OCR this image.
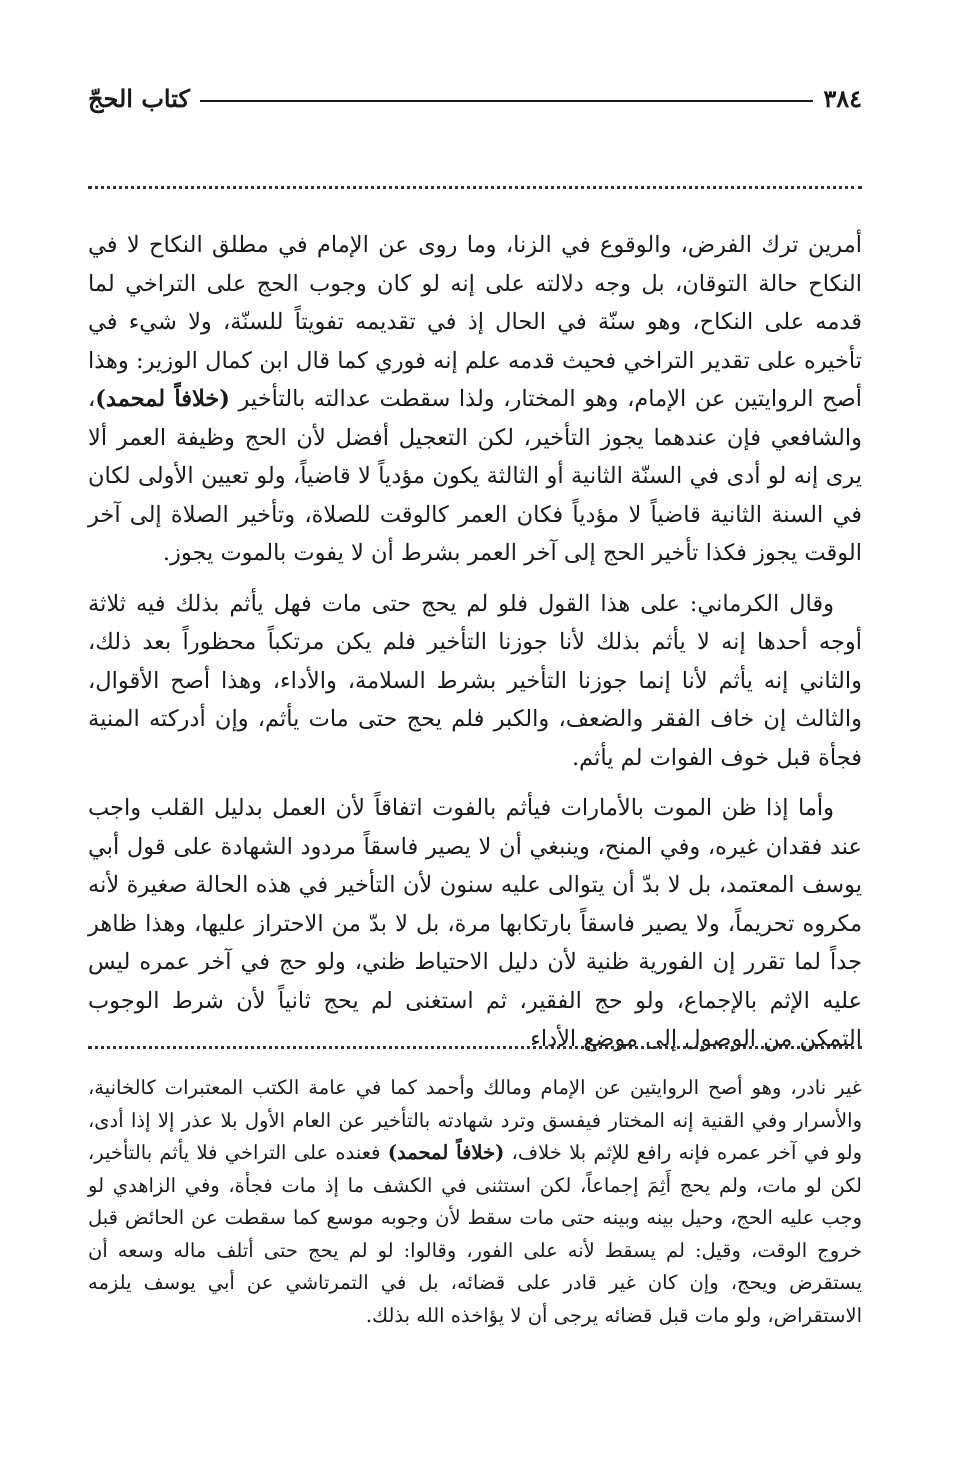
٣٨٤
كتاب الحجّ

أمرين ترك الفرض، والوقوع في الزنا، وما روى عن الإمام في مطلق النكاح لا في النكاح حالة التوقان، بل وجه دلالته على إنه لو كان وجوب الحج على التراخي لما قدمه على النكاح، وهو سنّة في الحال إذ في تقديمه تفويتاً للسنّة، ولا شيء في تأخيره على تقدير التراخي فحيث قدمه علم إنه فوري كما قال ابن كمال الوزير: وهذا أصح الروايتين عن الإمام، وهو المختار، ولذا سقطت عدالته بالتأخير (خلافاً لمحمد)، والشافعي فإن عندهما يجوز التأخير، لكن التعجيل أفضل لأن الحج وظيفة العمر ألا يرى إنه لو أدى في السنّة الثانية أو الثالثة يكون مؤدياً لا قاضياً، ولو تعيين الأولى لكان في السنة الثانية قاضياً لا مؤدياً فكان العمر كالوقت للصلاة، وتأخير الصلاة إلى آخر الوقت يجوز فكذا تأخير الحج إلى آخر العمر بشرط أن لا يفوت بالموت يجوز.

وقال الكرماني: على هذا القول فلو لم يحج حتى مات فهل يأثم بذلك فيه ثلاثة أوجه أحدها إنه لا يأثم بذلك لأنا جوزنا التأخير فلم يكن مرتكباً محظوراً بعد ذلك، والثاني إنه يأثم لأنا إنما جوزنا التأخير بشرط السلامة، والأداء، وهذا أصح الأقوال، والثالث إن خاف الفقر والضعف، والكبر فلم يحج حتى مات يأثم، وإن أدركته المنية فجأة قبل خوف الفوات لم يأثم.

وأما إذا ظن الموت بالأمارات فيأثم بالفوت اتفاقاً لأن العمل بدليل القلب واجب عند فقدان غيره، وفي المنح، وينبغي أن لا يصير فاسقاً مردود الشهادة على قول أبي يوسف المعتمد، بل لا بدّ أن يتوالى عليه سنون لأن التأخير في هذه الحالة صغيرة لأنه مكروه تحريماً، ولا يصير فاسقاً بارتكابها مرة، بل لا بدّ من الاحتراز عليها، وهذا ظاهر جداً لما تقرر إن الفورية ظنية لأن دليل الاحتياط ظني، ولو حج في آخر عمره ليس عليه الإثم بالإجماع، ولو حج الفقير، ثم استغنى لم يحج ثانياً لأن شرط الوجوب التمكن من الوصول إلى موضع الأداء

غير نادر، وهو أصح الروايتين عن الإمام ومالك وأحمد كما في عامة الكتب المعتبرات كالخانية، والأسرار وفي القنية إنه المختار فيفسق وترد شهادته بالتأخير عن العام الأول بلا عذر إلا إذا أدى، ولو في آخر عمره فإنه رافع للإثم بلا خلاف، (خلافاً لمحمد) فعنده على التراخي فلا يأثم بالتأخير، لكن لو مات، ولم يحج أَثِمَ إجماعاً، لكن استثنى في الكشف ما إذ مات فجأة، وفي الزاهدي لو وجب عليه الحج، وحيل بينه وبينه حتى مات سقط لأن وجوبه موسع كما سقطت عن الحائض قبل خروج الوقت، وقيل: لم يسقط لأنه على الفور، وقالوا: لو لم يحج حتى أتلف ماله وسعه أن يستقرض ويحج، وإن كان غير قادر على قضائه، بل في التمرتاشي عن أبي يوسف يلزمه الاستقراض، ولو مات قبل قضائه يرجى أن لا يؤاخذه الله بذلك.
